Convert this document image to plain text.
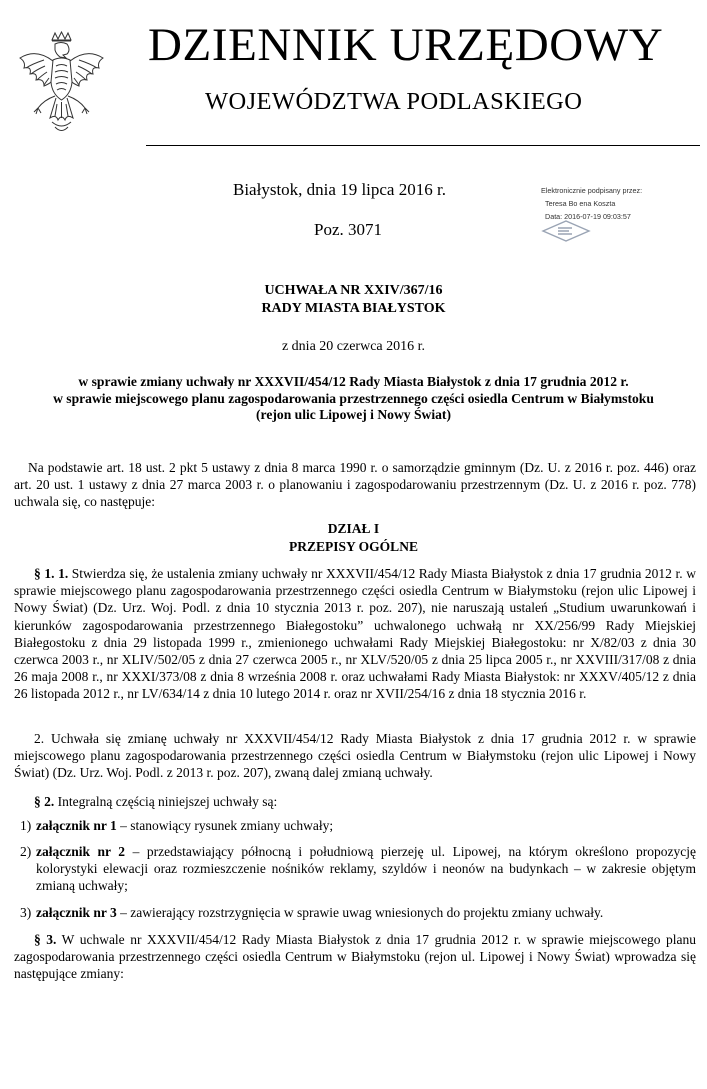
DZIENNIK URZĘDOWY
WOJEWÓDZTWA PODLASKIEGO
Białystok, dnia 19 lipca 2016 r.
Poz. 3071
Elektronicznie podpisany przez:
Teresa Bo ena Koszta
Data: 2016-07-19 09:03:57
UCHWAŁA NR XXIV/367/16
RADY MIASTA BIAŁYSTOK
z dnia 20 czerwca 2016 r.
w sprawie zmiany uchwały nr XXXVII/454/12 Rady Miasta Białystok z dnia 17 grudnia 2012 r.
w sprawie miejscowego planu zagospodarowania przestrzennego części osiedla Centrum w Białymstoku
(rejon ulic Lipowej i Nowy Świat)
Na podstawie art. 18 ust. 2 pkt 5 ustawy z dnia 8 marca 1990 r. o samorządzie gminnym (Dz. U. z 2016 r. poz. 446) oraz art. 20 ust. 1 ustawy z dnia 27 marca 2003 r. o planowaniu i zagospodarowaniu przestrzennym (Dz. U. z 2016 r. poz. 778) uchwala się, co następuje:
DZIAŁ I
PRZEPISY OGÓLNE
§ 1. 1. Stwierdza się, że ustalenia zmiany uchwały nr XXXVII/454/12 Rady Miasta Białystok z dnia 17 grudnia 2012 r. w sprawie miejscowego planu zagospodarowania przestrzennego części osiedla Centrum w Białymstoku (rejon ulic Lipowej i Nowy Świat) (Dz. Urz. Woj. Podl. z dnia 10 stycznia 2013 r. poz. 207), nie naruszają ustaleń „Studium uwarunkowań i kierunków zagospodarowania przestrzennego Białegostoku” uchwalonego uchwałą nr XX/256/99 Rady Miejskiej Białegostoku z dnia 29 listopada 1999 r., zmienionego uchwałami Rady Miejskiej Białegostoku: nr X/82/03 z dnia 30 czerwca 2003 r., nr XLIV/502/05 z dnia 27 czerwca 2005 r., nr XLV/520/05 z dnia 25 lipca 2005 r., nr XXVIII/317/08 z dnia 26 maja 2008 r., nr XXXI/373/08 z dnia 8 września 2008 r. oraz uchwałami Rady Miasta Białystok: nr XXXV/405/12 z dnia 26 listopada 2012 r., nr LV/634/14 z dnia 10 lutego 2014 r. oraz nr XVII/254/16 z dnia 18 stycznia 2016 r.
2. Uchwała się zmianę uchwały nr XXXVII/454/12 Rady Miasta Białystok z dnia 17 grudnia 2012 r. w sprawie miejscowego planu zagospodarowania przestrzennego części osiedla Centrum w Białymstoku (rejon ulic Lipowej i Nowy Świat) (Dz. Urz. Woj. Podl. z 2013 r. poz. 207), zwaną dalej zmianą uchwały.
§ 2. Integralną częścią niniejszej uchwały są:
1) załącznik nr 1 – stanowiący rysunek zmiany uchwały;
2) załącznik nr 2 – przedstawiający północną i południową pierzeję ul. Lipowej, na którym określono propozycję kolorystyki elewacji oraz rozmieszczenie nośników reklamy, szyldów i neonów na budynkach – w zakresie objętym zmianą uchwały;
3) załącznik nr 3 – zawierający rozstrzygnięcia w sprawie uwag wniesionych do projektu zmiany uchwały.
§ 3. W uchwale nr XXXVII/454/12 Rady Miasta Białystok z dnia 17 grudnia 2012 r. w sprawie miejscowego planu zagospodarowania przestrzennego części osiedla Centrum w Białymstoku (rejon ul. Lipowej i Nowy Świat) wprowadza się następujące zmiany:
